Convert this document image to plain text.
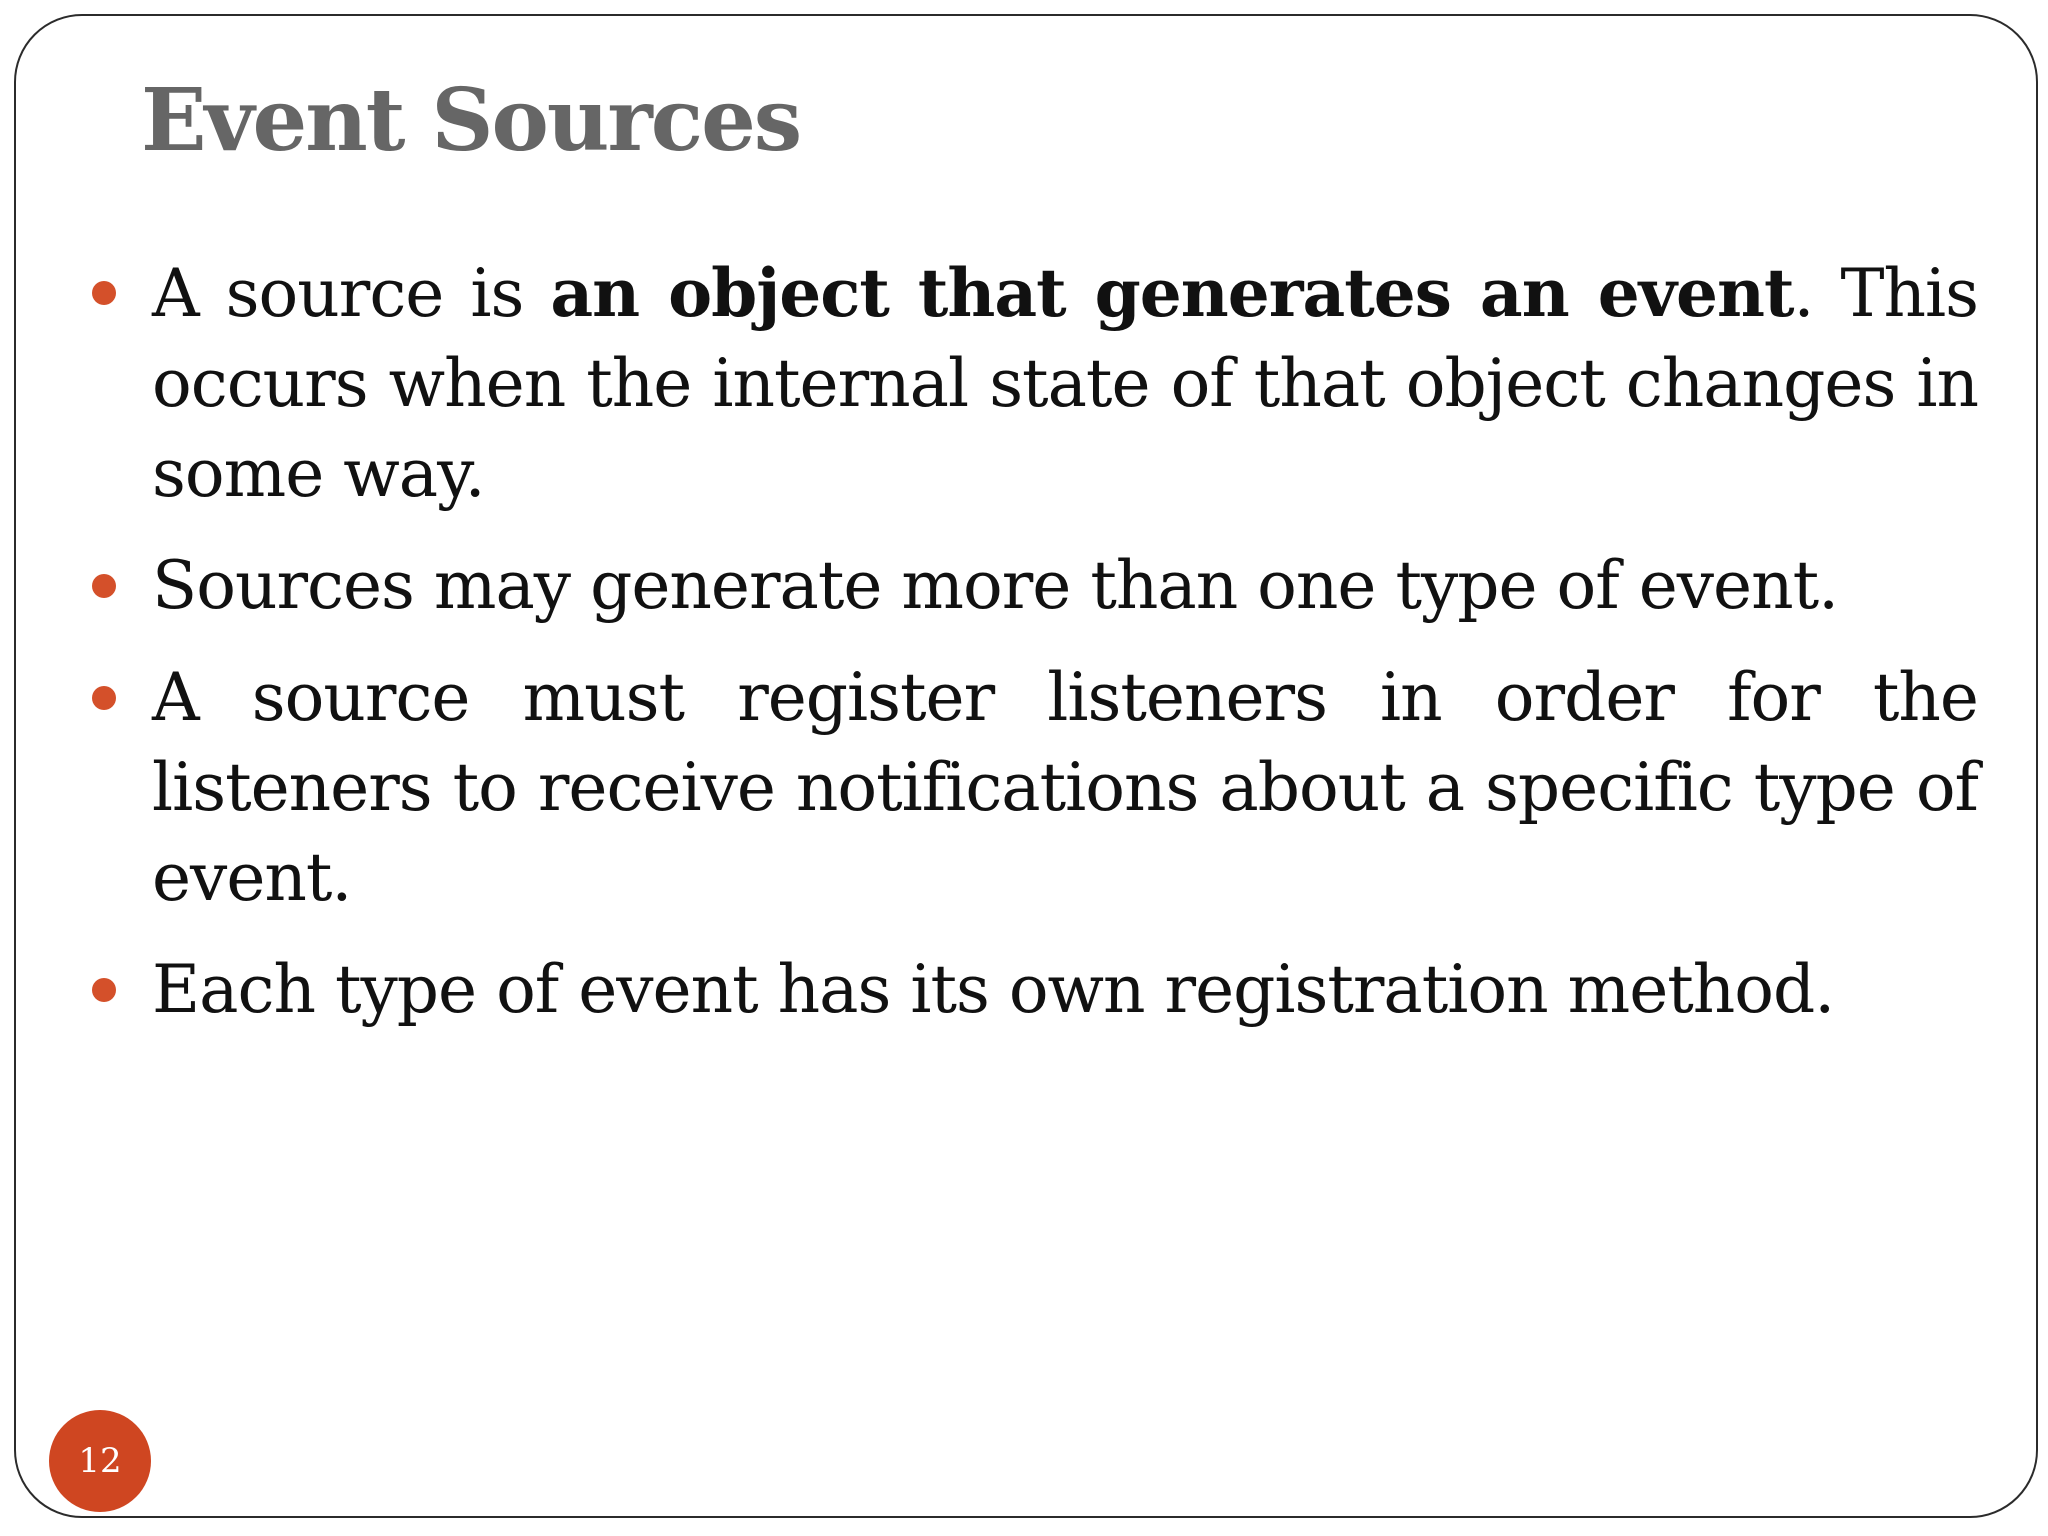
Event Sources
A source is an object that generates an event. This occurs when the internal state of that object changes in some way.
Sources may generate more than one type of event.
A source must register listeners in order for the listeners to receive notifications about a specific type of event.
Each type of event has its own registration method.
12
